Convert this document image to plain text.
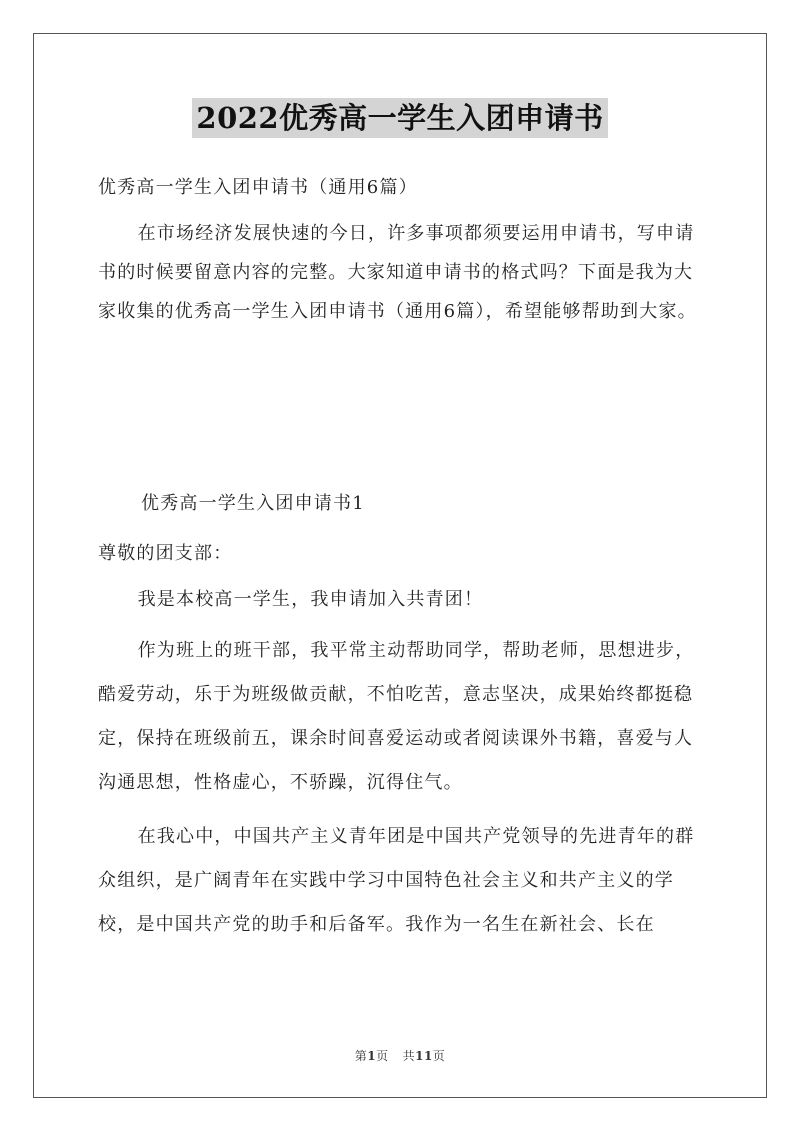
2022优秀高一学生入团申请书

优秀高一学生入团申请书（通用6篇）

在市场经济发展快速的今日，许多事项都须要运用申请书，写申请书的时候要留意内容的完整。大家知道申请书的格式吗？下面是我为大家收集的优秀高一学生入团申请书（通用6篇），希望能够帮助到大家。

优秀高一学生入团申请书1

尊敬的团支部：

我是本校高一学生，我申请加入共青团！

作为班上的班干部，我平常主动帮助同学，帮助老师，思想进步，酷爱劳动，乐于为班级做贡献，不怕吃苦，意志坚决，成果始终都挺稳定，保持在班级前五，课余时间喜爱运动或者阅读课外书籍，喜爱与人沟通思想，性格虚心，不骄躁，沉得住气。

在我心中，中国共产主义青年团是中国共产党领导的先进青年的群众组织，是广阔青年在实践中学习中国特色社会主义和共产主义的学校，是中国共产党的助手和后备军。我作为一名生在新社会、长在

第1页 共11页
